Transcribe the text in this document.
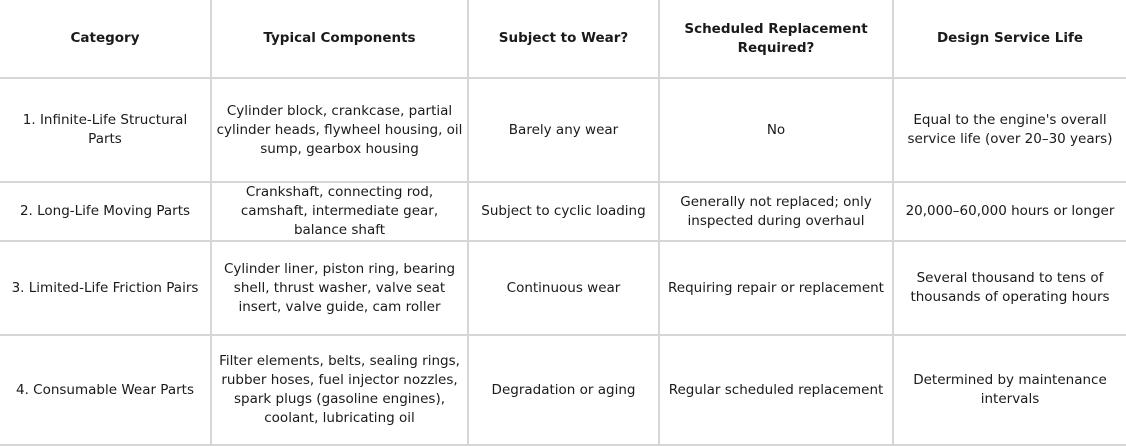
Category	Typical Components	Subject to Wear?	Scheduled Replacement Required?	Design Service Life
1. Infinite-Life Structural Parts	Cylinder block, crankcase, partial cylinder heads, flywheel housing, oil sump, gearbox housing	Barely any wear	No	Equal to the engine's overall service life (over 20–30 years)
2. Long-Life Moving Parts	Crankshaft, connecting rod, camshaft, intermediate gear, balance shaft	Subject to cyclic loading	Generally not replaced; only inspected during overhaul	20,000–60,000 hours or longer
3. Limited-Life Friction Pairs	Cylinder liner, piston ring, bearing shell, thrust washer, valve seat insert, valve guide, cam roller	Continuous wear	Requiring repair or replacement	Several thousand to tens of thousands of operating hours
4. Consumable Wear Parts	Filter elements, belts, sealing rings, rubber hoses, fuel injector nozzles, spark plugs (gasoline engines), coolant, lubricating oil	Degradation or aging	Regular scheduled replacement	Determined by maintenance intervals
